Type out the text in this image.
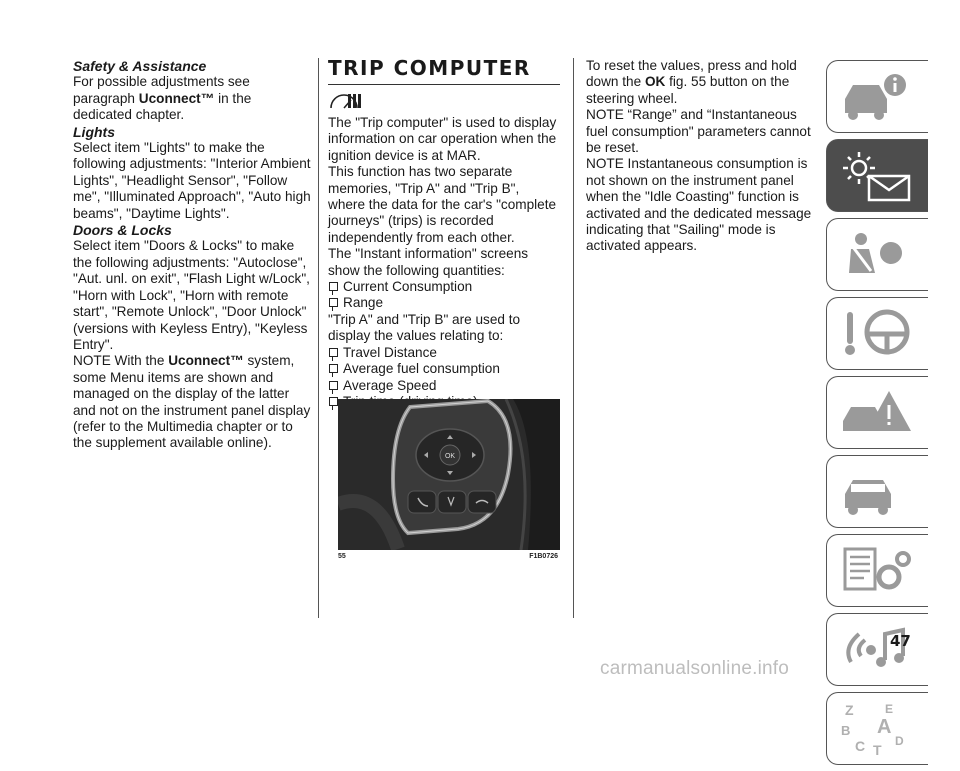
Safety & Assistance

For possible adjustments see paragraph Uconnect™ in the dedicated chapter.

Lights

Select item "Lights" to make the following adjustments: "Interior Ambient Lights", "Headlight Sensor", "Follow me", "Illuminated Approach", "Auto high beams", "Daytime Lights".

Doors & Locks

Select item "Doors & Locks" to make the following adjustments: "Autoclose", "Aut. unl. on exit", "Flash Light w/Lock", "Horn with Lock", "Horn with remote start", "Remote Unlock", "Door Unlock" (versions with Keyless Entry), "Keyless Entry".

NOTE With the Uconnect™ system, some Menu items are shown and managed on the display of the latter and not on the instrument panel display (refer to the Multimedia chapter or to the supplement available online).

TRIP COMPUTER

The "Trip computer" is used to display information on car operation when the ignition device is at MAR.

This function has two separate memories, "Trip A" and "Trip B", where the data for the car's "complete journeys" (trips) is recorded independently from each other.

The "Instant information" screens show the following quantities:

Current Consumption
Range

"Trip A" and "Trip B" are used to display the values relating to:

Travel Distance
Average fuel consumption
Average Speed
OK
55	F1B0726

To reset the values, press and hold down the OK fig. 55 button on the steering wheel.

NOTE “Range” and “Instantaneous fuel consumption" parameters cannot be reset.

NOTE Instantaneous consumption is not shown on the instrument panel when the "Idle Coasting" function is activated and the dedicated message indicating that "Sailing" mode is activated appears.

Z	E
B A
C T
D
47
carmanualsonline.info
